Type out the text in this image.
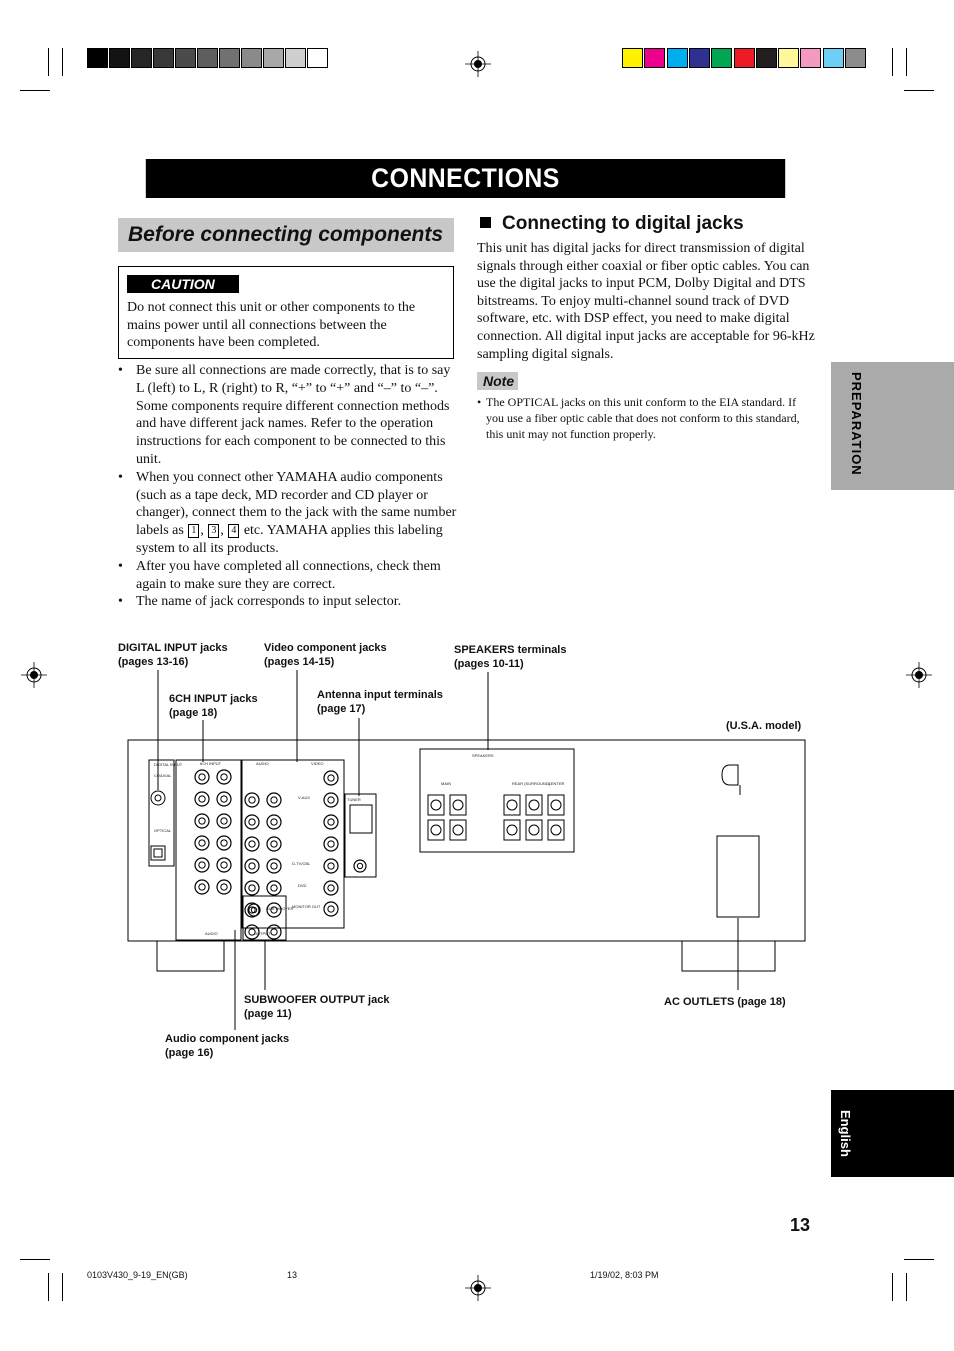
CONNECTIONS
Before connecting components
CAUTION
Do not connect this unit or other components to the mains power until all connections between the components have been completed.
• Be sure all connections are made correctly, that is to say L (left) to L, R (right) to R, “+” to “+” and “–” to “–”. Some components require different connection methods and have different jack names. Refer to the operation instructions for each component to be connected to this unit.
• When you connect other YAMAHA audio components (such as a tape deck, MD recorder and CD player or changer), connect them to the jack with the same number labels as 1 , 3 , 4 etc. YAMAHA applies this labeling system to all its products.
• After you have completed all connections, check them again to make sure they are correct.
• The name of jack corresponds to input selector.
Connecting to digital jacks
This unit has digital jacks for direct transmission of digital signals through either coaxial or fiber optic cables. You can use the digital jacks to input PCM, Dolby Digital and DTS bitstreams. To enjoy multi-channel sound track of DVD software, etc. with DSP effect, you need to make digital connection. All digital input jacks are acceptable for 96-kHz sampling digital signals.
Note
• The OPTICAL jacks on this unit conform to the EIA standard. If you use a fiber optic cable that does not conform to this standard, this unit may not function properly.	PREPARATION
English
13
DIGITAL INPUT jacks
(pages 13-16)
Video component jacks
(pages 14-15)
SPEAKERS terminals
(pages 10-11)
6CH INPUT jacks
(page 18)
Antenna input terminals
(page 17)
(U.S.A. model)
SUBWOOFER OUTPUT jack
(page 11)
AC OUTLETS (page 18)
Audio component jacks
(page 16)
DIGITAL INPUT
COAXIAL
OPTICAL
6CH INPUT	AUDIO	VIDEO
AUDIO	OUTPUT
SPEAKERS
MAIN	REAR (SURROUND)
CENTER
TUNER
SUB WOOFER
MONITOR OUT
DVD
D-TV/CBL
V-AUX
0103V430_9-19_EN(GB)	13	1/19/02, 8:03 PM
